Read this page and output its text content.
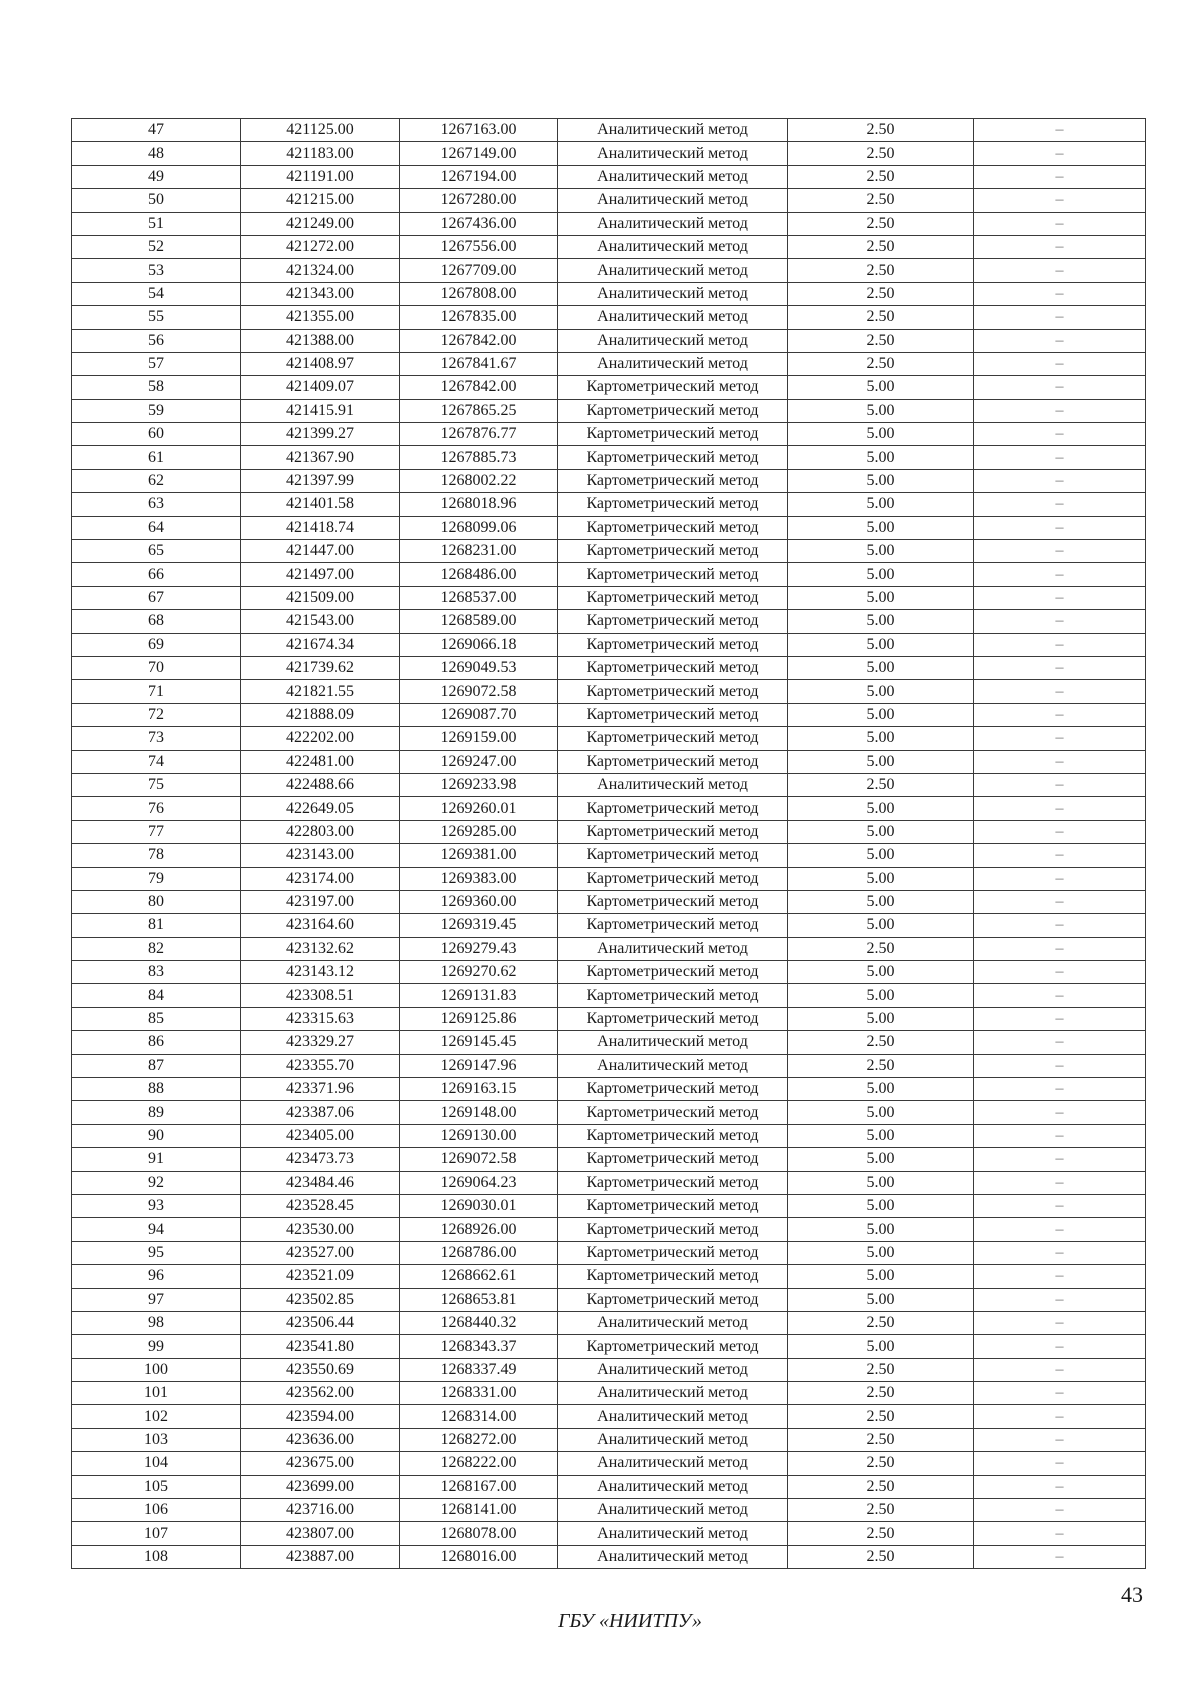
47	421125.00	1267163.00	Аналитический метод	2.50	–
48	421183.00	1267149.00	Аналитический метод	2.50	–
49	421191.00	1267194.00	Аналитический метод	2.50	–
50	421215.00	1267280.00	Аналитический метод	2.50	–
51	421249.00	1267436.00	Аналитический метод	2.50	–
52	421272.00	1267556.00	Аналитический метод	2.50	–
53	421324.00	1267709.00	Аналитический метод	2.50	–
54	421343.00	1267808.00	Аналитический метод	2.50	–
55	421355.00	1267835.00	Аналитический метод	2.50	–
56	421388.00	1267842.00	Аналитический метод	2.50	–
57	421408.97	1267841.67	Аналитический метод	2.50	–
58	421409.07	1267842.00	Картометрический метод	5.00	–
59	421415.91	1267865.25	Картометрический метод	5.00	–
60	421399.27	1267876.77	Картометрический метод	5.00	–
61	421367.90	1267885.73	Картометрический метод	5.00	–
62	421397.99	1268002.22	Картометрический метод	5.00	–
63	421401.58	1268018.96	Картометрический метод	5.00	–
64	421418.74	1268099.06	Картометрический метод	5.00	–
65	421447.00	1268231.00	Картометрический метод	5.00	–
66	421497.00	1268486.00	Картометрический метод	5.00	–
67	421509.00	1268537.00	Картометрический метод	5.00	–
68	421543.00	1268589.00	Картометрический метод	5.00	–
69	421674.34	1269066.18	Картометрический метод	5.00	–
70	421739.62	1269049.53	Картометрический метод	5.00	–
71	421821.55	1269072.58	Картометрический метод	5.00	–
72	421888.09	1269087.70	Картометрический метод	5.00	–
73	422202.00	1269159.00	Картометрический метод	5.00	–
74	422481.00	1269247.00	Картометрический метод	5.00	–
75	422488.66	1269233.98	Аналитический метод	2.50	–
76	422649.05	1269260.01	Картометрический метод	5.00	–
77	422803.00	1269285.00	Картометрический метод	5.00	–
78	423143.00	1269381.00	Картометрический метод	5.00	–
79	423174.00	1269383.00	Картометрический метод	5.00	–
80	423197.00	1269360.00	Картометрический метод	5.00	–
81	423164.60	1269319.45	Картометрический метод	5.00	–
82	423132.62	1269279.43	Аналитический метод	2.50	–
83	423143.12	1269270.62	Картометрический метод	5.00	–
84	423308.51	1269131.83	Картометрический метод	5.00	–
85	423315.63	1269125.86	Картометрический метод	5.00	–
86	423329.27	1269145.45	Аналитический метод	2.50	–
87	423355.70	1269147.96	Аналитический метод	2.50	–
88	423371.96	1269163.15	Картометрический метод	5.00	–
89	423387.06	1269148.00	Картометрический метод	5.00	–
90	423405.00	1269130.00	Картометрический метод	5.00	–
91	423473.73	1269072.58	Картометрический метод	5.00	–
92	423484.46	1269064.23	Картометрический метод	5.00	–
93	423528.45	1269030.01	Картометрический метод	5.00	–
94	423530.00	1268926.00	Картометрический метод	5.00	–
95	423527.00	1268786.00	Картометрический метод	5.00	–
96	423521.09	1268662.61	Картометрический метод	5.00	–
97	423502.85	1268653.81	Картометрический метод	5.00	–
98	423506.44	1268440.32	Аналитический метод	2.50	–
99	423541.80	1268343.37	Картометрический метод	5.00	–
100	423550.69	1268337.49	Аналитический метод	2.50	–
101	423562.00	1268331.00	Аналитический метод	2.50	–
102	423594.00	1268314.00	Аналитический метод	2.50	–
103	423636.00	1268272.00	Аналитический метод	2.50	–
104	423675.00	1268222.00	Аналитический метод	2.50	–
105	423699.00	1268167.00	Аналитический метод	2.50	–
106	423716.00	1268141.00	Аналитический метод	2.50	–
107	423807.00	1268078.00	Аналитический метод	2.50	–
108	423887.00	1268016.00	Аналитический метод	2.50	–
43
ГБУ «НИИТПУ»
